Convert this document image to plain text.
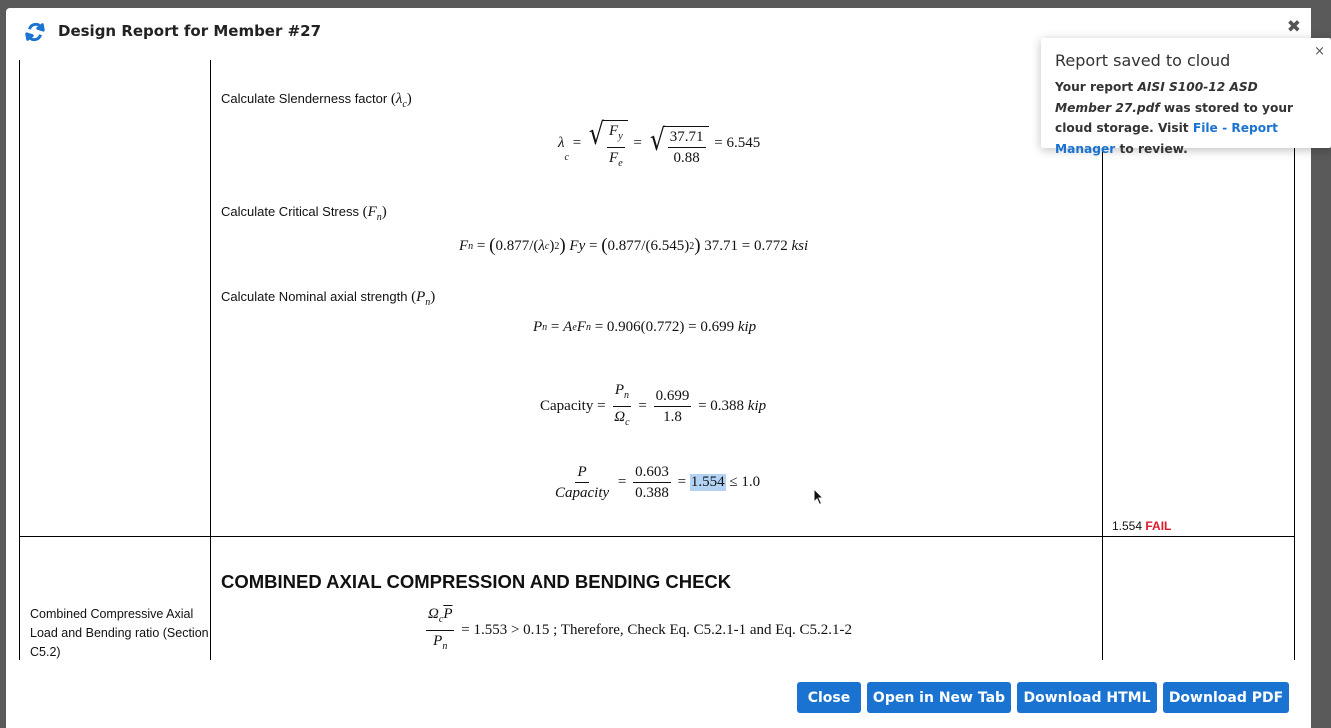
Design Report for Member #27	✖
Calculate Slenderness factor $(\lambda_c)$
λ
c
= √ $\frac{F_y}{F_e}$ = √ $\frac{37.71}{0.88} = 6.545$
Calculate Critical Stress $(F_n)$
F n = ( 0.877/( λ c ) 2 )
Fy = ( 0.877/(6.545) 2 ) 37.71 = 0.772 ksi
Calculate Nominal axial strength $(P_n)$
P n = A e F n = 0.906(0.772) = 0.699 kip
Capacity = $\frac{P_n}{\Omega_c} = \frac{0.699}{1.8} = 0.388$
kip
$\frac{P}{\text{Capacity}} = \frac{0.603}{0.388} = 1.554$
≤ 1.0
1.554 FAIL
COMBINED AXIAL COMPRESSION AND BENDING CHECK
Combined Compressive Axial Load and Bending ratio (Section C5.2)	$\frac{\Omega_c\overline{P}}{P_n}$
= 1.553 > 0.15 ; Therefore, Check Eq. C5.2.1-1 and Eq. C5.2.1-2
Close	Open in New Tab	Download HTML	Download PDF
Report saved to cloud
Your report AISI S100-12 ASD Member 27.pdf was stored to your cloud storage. Visit File - Report Manager to review.
×
